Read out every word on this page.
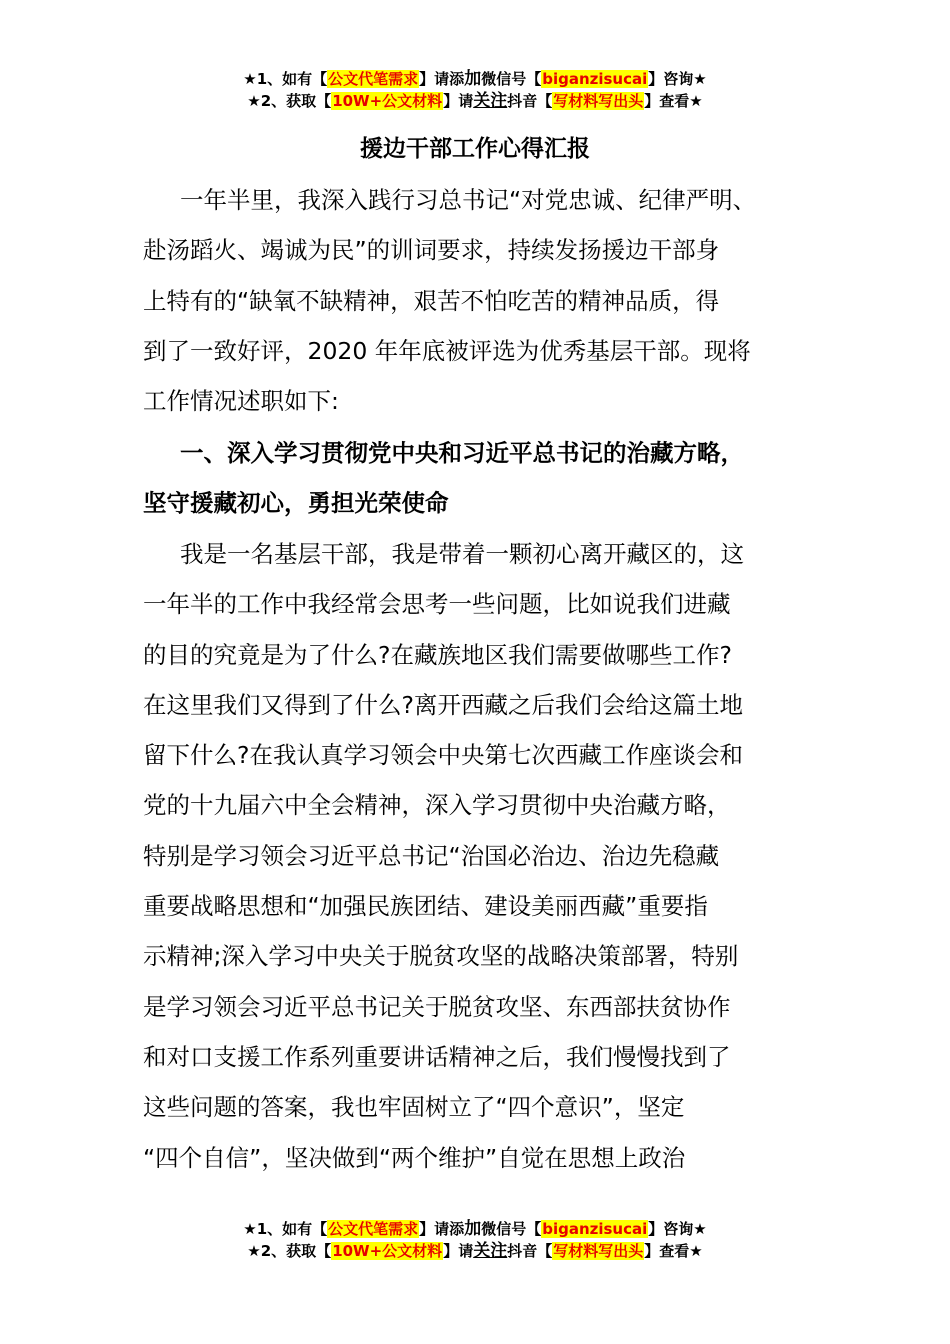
★1、如有【公文代笔需求】请添加微信号【biganzisucai】咨询★
★2、获取【10W+公文材料】请关注抖音【写材料写出头】查看★
援边干部工作心得汇报
一年半里，我深入践行习总书记“对党忠诚、纪律严明、
赴汤蹈火、竭诚为民”的训词要求，持续发扬援边干部身
上特有的“缺氧不缺精神，艰苦不怕吃苦的精神品质，得
到了一致好评，2020 年年底被评选为优秀基层干部。现将
工作情况述职如下:
一、深入学习贯彻党中央和习近平总书记的治藏方略，
坚守援藏初心，勇担光荣使命
我是一名基层干部，我是带着一颗初心离开藏区的，这
一年半的工作中我经常会思考一些问题，比如说我们进藏
的目的究竟是为了什么?在藏族地区我们需要做哪些工作?
在这里我们又得到了什么?离开西藏之后我们会给这篇土地
留下什么?在我认真学习领会中央第七次西藏工作座谈会和
党的十九届六中全会精神，深入学习贯彻中央治藏方略，
特别是学习领会习近平总书记“治国必治边、治边先稳藏
重要战略思想和“加强民族团结、建设美丽西藏”重要指
示精神;深入学习中央关于脱贫攻坚的战略决策部署，特别
是学习领会习近平总书记关于脱贫攻坚、东西部扶贫协作
和对口支援工作系列重要讲话精神之后，我们慢慢找到了
这些问题的答案，我也牢固树立了“四个意识”，坚定
“四个自信”，坚决做到“两个维护”自觉在思想上政治
★1、如有【公文代笔需求】请添加微信号【biganzisucai】咨询★
★2、获取【10W+公文材料】请关注抖音【写材料写出头】查看★
